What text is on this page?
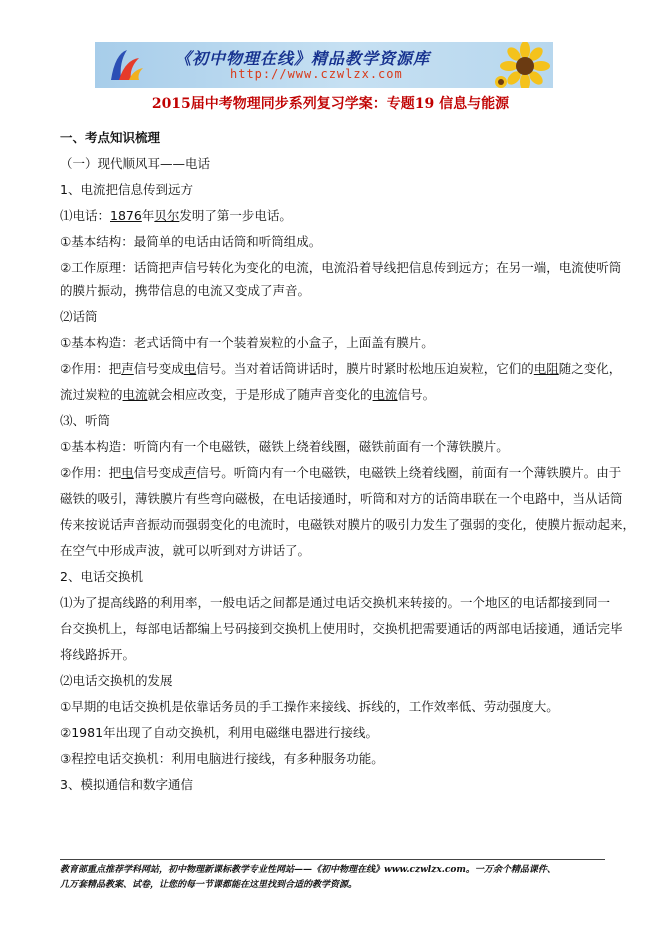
《初中物理在线》精品教学资源库
http://www.czwlzx.com
2015届中考物理同步系列复习学案：专题19 信息与能源
一、考点知识梳理
（一）现代顺风耳——电话
1、电流把信息传到远方
⑴电话：1876年贝尔发明了第一步电话。
①基本结构：最简单的电话由话筒和听筒组成。
②工作原理：话筒把声信号转化为变化的电流，电流沿着导线把信息传到远方；在另一端，电流使听筒
的膜片振动，携带信息的电流又变成了声音。
⑵话筒
①基本构造：老式话筒中有一个装着炭粒的小盒子，上面盖有膜片。
②作用：把声信号变成电信号。当对着话筒讲话时，膜片时紧时松地压迫炭粒，它们的电阻随之变化，
流过炭粒的电流就会相应改变，于是形成了随声音变化的电流信号。
⑶、听筒
①基本构造：听筒内有一个电磁铁，磁铁上绕着线圈，磁铁前面有一个薄铁膜片。
②作用：把电信号变成声信号。听筒内有一个电磁铁，电磁铁上绕着线圈，前面有一个薄铁膜片。由于
磁铁的吸引，薄铁膜片有些弯向磁极，在电话接通时，听筒和对方的话筒串联在一个电路中，当从话筒
传来按说话声音振动而强弱变化的电流时，电磁铁对膜片的吸引力发生了强弱的变化，使膜片振动起来，
在空气中形成声波，就可以听到对方讲话了。
2、电话交换机
⑴为了提高线路的利用率，一般电话之间都是通过电话交换机来转接的。一个地区的电话都接到同一
台交换机上，每部电话都编上号码接到交换机上使用时，交换机把需要通话的两部电话接通，通话完毕
将线路拆开。
⑵电话交换机的发展
①早期的电话交换机是依靠话务员的手工操作来接线、拆线的，工作效率低、劳动强度大。
②1981年出现了自动交换机，利用电磁继电器进行接线。
③程控电话交换机：利用电脑进行接线，有多种服务功能。
3、模拟通信和数字通信
教育部重点推荐学科网站，初中物理新课标教学专业性网站——《初中物理在线》www.czwlzx.com。一万余个精品课件、
几万套精品教案、试卷，让您的每一节课都能在这里找到合适的教学资源。
